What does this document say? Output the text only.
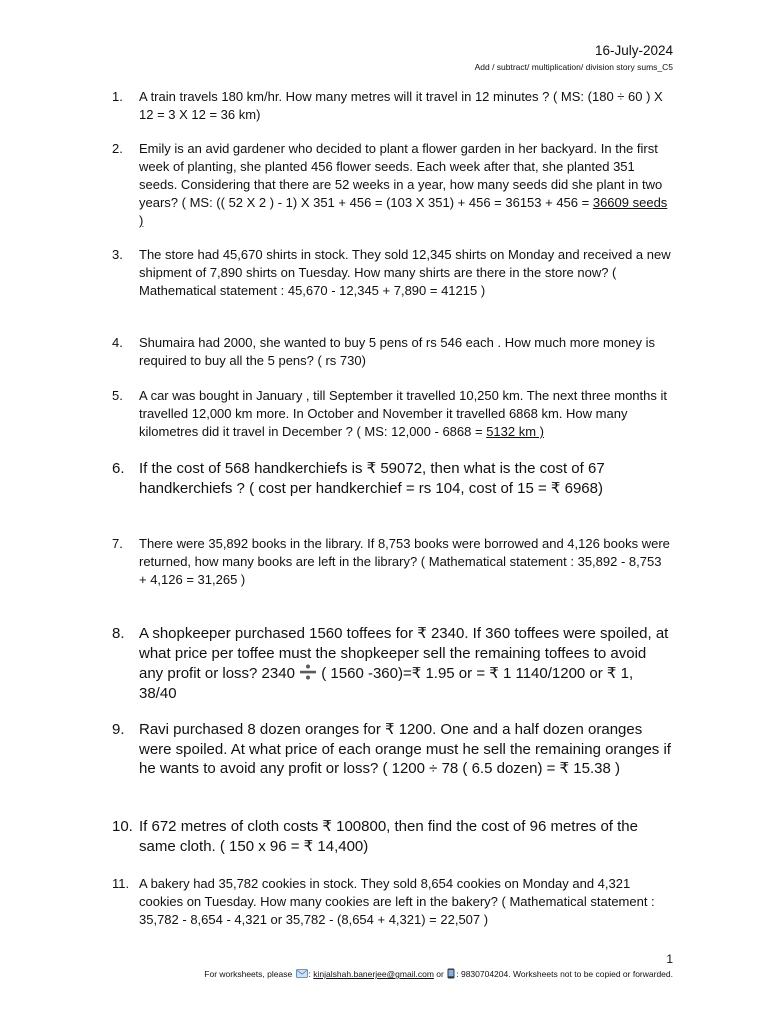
16-July-2024
Add / subtract/ multiplication/ division story sums_C5
1. A train travels 180 km/hr. How many metres will it travel in 12 minutes ? ( MS: (180 ÷ 60 ) X 12 = 3 X 12 = 36 km)
2. Emily is an avid gardener who decided to plant a flower garden in her backyard. In the first week of planting, she planted 456 flower seeds. Each week after that, she planted 351 seeds. Considering that there are 52 weeks in a year, how many seeds did she plant in two years? ( MS: (( 52 X 2 ) - 1) X 351 + 456 = (103 X 351) + 456 = 36153 + 456 = 36609 seeds )
3. The store had 45,670 shirts in stock. They sold 12,345 shirts on Monday and received a new shipment of 7,890 shirts on Tuesday. How many shirts are there in the store now? ( Mathematical statement : 45,670 - 12,345 + 7,890 = 41215 )
4. Shumaira had 2000, she wanted to buy 5 pens of rs 546 each . How much more money is required to buy all the 5 pens? ( rs 730)
5. A car was bought in January , till September it travelled 10,250 km. The next three months it travelled 12,000 km more. In October and November it travelled 6868 km. How many kilometres did it travel in December ? ( MS: 12,000 - 6868 = 5132 km )
6. If the cost of 568 handkerchiefs is ₹ 59072, then what is the cost of 67 handkerchiefs ? ( cost per handkerchief = rs 104, cost of 15 = ₹ 6968)
7. There were 35,892 books in the library. If 8,753 books were borrowed and 4,126 books were returned, how many books are left in the library? ( Mathematical statement : 35,892 - 8,753 + 4,126 = 31,265 )
8. A shopkeeper purchased 1560 toffees for ₹ 2340. If 360 toffees were spoiled, at what price per toffee must the shopkeeper sell the remaining toffees to avoid any profit or loss? 2340  ( 1560 -360)=₹ 1.95 or = ₹ 1 1140/1200 or ₹ 1, 38/40
9. Ravi purchased 8 dozen oranges for ₹ 1200. One and a half dozen oranges were spoiled. At what price of each orange must he sell the remaining oranges if he wants to avoid any profit or loss? ( 1200 ÷ 78 ( 6.5 dozen) = ₹ 15.38 )
10. If 672 metres of cloth costs ₹ 100800, then find the cost of 96 metres of the same cloth. ( 150 x 96 = ₹ 14,400)
11. A bakery had 35,782 cookies in stock. They sold 8,654 cookies on Monday and 4,321 cookies on Tuesday. How many cookies are left in the bakery? ( Mathematical statement : 35,782 - 8,654 - 4,321 or 35,782 - (8,654 + 4,321) = 22,507 )
1
For worksheets, please : kinjalshah.banerjee@gmail.com or : 9830704204. Worksheets not to be copied or forwarded.
